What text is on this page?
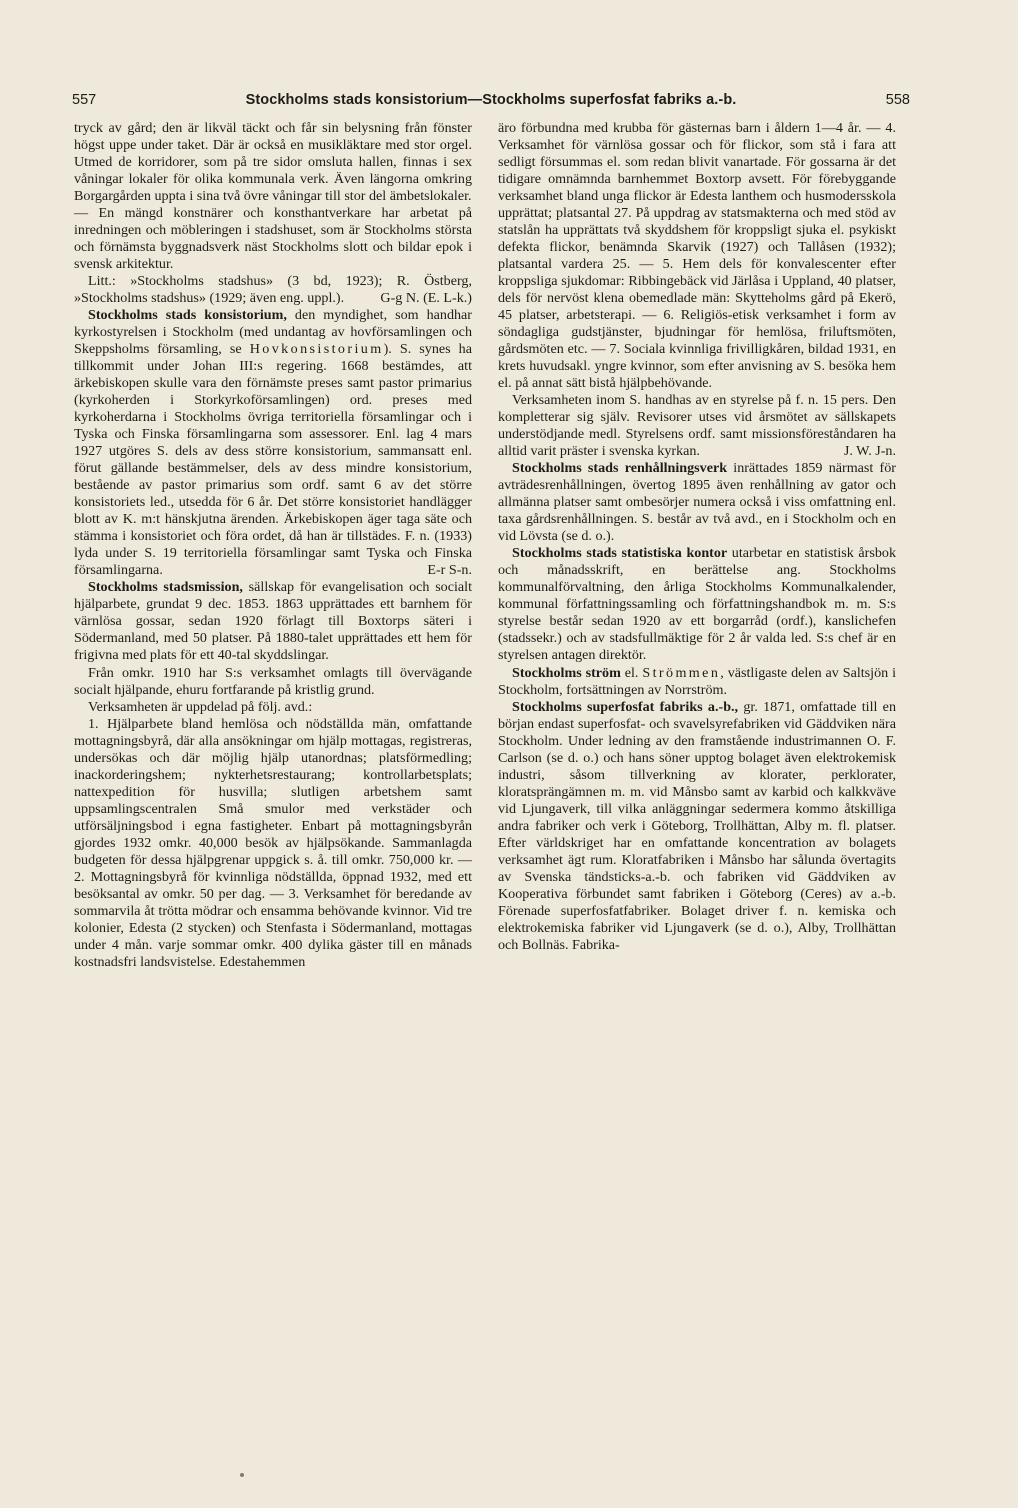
557	Stockholms stads konsistorium—Stockholms superfosfat fabriks a.-b.	558

tryck av gård; den är likväl täckt och får sin belysning från fönster högst uppe under taket. Där är också en musikläktare med stor orgel. Utmed de korridorer, som på tre sidor omsluta hallen, finnas i sex våningar lokaler för olika kommunala verk. Även längorna omkring Borgargården uppta i sina två övre våningar till stor del ämbetslokaler.

— En mängd konstnärer och konsthantverkare har arbetat på inredningen och möbleringen i stadshuset, som är Stockholms största och förnämsta byggnadsverk näst Stockholms slott och bildar epok i svensk arkitektur.

Litt.: »Stockholms stadshus» (3 bd, 1923); R. Östberg, »Stockholms stadshus» (1929; även eng. uppl.).	G-g N. (E. L-k.)

Stockholms stads konsistorium, den myndighet, som handhar kyrkostyrelsen i Stockholm (med undantag av hovförsamlingen och Skeppsholms församling, se Hovkonsistorium). S. synes ha tillkommit under Johan III:s regering. 1668 bestämdes, att ärkebiskopen skulle vara den förnämste preses samt pastor primarius (kyrkoherden i Storkyrkoförsamlingen) ord. preses med kyrkoherdarna i Stockholms övriga territoriella församlingar och i Tyska och Finska församlingarna som assessorer. Enl. lag 4 mars 1927 utgöres S. dels av dess större konsistorium, sammansatt enl. förut gällande bestämmelser, dels av dess mindre konsistorium, bestående av pastor primarius som ordf. samt 6 av det större konsistoriets led., utsedda för 6 år. Det större konsistoriet handlägger blott av K. m:t hänskjutna ärenden. Ärkebiskopen äger taga säte och stämma i konsistoriet och föra ordet, då han är tillstädes. F. n. (1933) lyda under S. 19 territoriella församlingar samt Tyska och Finska församlingarna.	E-r S-n.

Stockholms stadsmission, sällskap för evangelisation och socialt hjälparbete, grundat 9 dec. 1853. 1863 upprättades ett barnhem för värnlösa gossar, sedan 1920 förlagt till Boxtorps säteri i Södermanland, med 50 platser. På 1880-talet upprättades ett hem för frigivna med plats för ett 40-tal skyddslingar.

Från omkr. 1910 har S:s verksamhet omlagts till övervägande socialt hjälpande, ehuru fortfarande på kristlig grund.

Verksamheten är uppdelad på följ. avd.:

1. Hjälparbete bland hemlösa och nödställda män, omfattande mottagningsbyrå, där alla ansökningar om hjälp mottagas, registreras, undersökas och där möjlig hjälp utanordnas; platsförmedling; inackorderingshem; nykterhetsrestaurang; kontrollarbetsplats; nattexpedition för husvilla; slutligen arbetshem samt uppsamlingscentralen Små smulor med verkstäder och utförsäljningsbod i egna fastigheter. Enbart på mottagningsbyrån gjordes 1932 omkr. 40,000 besök av hjälpsökande. Sammanlagda budgeten för dessa hjälpgrenar uppgick s. å. till omkr. 750,000 kr. — 2. Mottagningsbyrå för kvinnliga nödställda, öppnad 1932, med ett besöksantal av omkr. 50 per dag. — 3. Verksamhet för beredande av sommarvila åt trötta mödrar och ensamma behövande kvinnor. Vid tre kolonier, Edesta (2 stycken) och Stenfasta i Södermanland, mottagas under 4 mån. varje sommar omkr. 400 dylika gäster till en månads kostnadsfri landsvistelse. Edestahemmen

äro förbundna med krubba för gästernas barn i åldern 1—4 år. — 4. Verksamhet för värnlösa gossar och för flickor, som stå i fara att sedligt försummas el. som redan blivit vanartade. För gossarna är det tidigare omnämnda barnhemmet Boxtorp avsett. För förebyggande verksamhet bland unga flickor är Edesta lanthem och husmodersskola upprättat; platsantal 27. På uppdrag av statsmakterna och med stöd av statslån ha upprättats två skyddshem för kroppsligt sjuka el. psykiskt defekta flickor, benämnda Skarvik (1927) och Tallåsen (1932); platsantal vardera 25. — 5. Hem dels för konvalescenter efter kroppsliga sjukdomar: Ribbingebäck vid Järlåsa i Uppland, 40 platser, dels för nervöst klena obemedlade män: Skytteholms gård på Ekerö, 45 platser, arbetsterapi. — 6. Religiös-etisk verksamhet i form av söndagliga gudstjänster, bjudningar för hemlösa, friluftsmöten, gårdsmöten etc. — 7. Sociala kvinnliga frivilligkåren, bildad 1931, en krets huvudsakl. yngre kvinnor, som efter anvisning av S. besöka hem el. på annat sätt bistå hjälpbehövande.

Verksamheten inom S. handhas av en styrelse på f. n. 15 pers. Den kompletterar sig själv. Revisorer utses vid årsmötet av sällskapets understödjande medl. Styrelsens ordf. samt missionsföreståndaren ha alltid varit präster i svenska kyrkan.	J. W. J-n.

Stockholms stads renhållningsverk inrättades 1859 närmast för avträdesrenhållningen, övertog 1895 även renhållning av gator och allmänna platser samt ombesörjer numera också i viss omfattning enl. taxa gårdsrenhållningen. S. består av två avd., en i Stockholm och en vid Lövsta (se d. o.).

Stockholms stads statistiska kontor utarbetar en statistisk årsbok och månadsskrift, en berättelse ang. Stockholms kommunalförvaltning, den årliga Stockholms Kommunalkalender, kommunal författningssamling och författningshandbok m. m. S:s styrelse består sedan 1920 av ett borgarråd (ordf.), kanslichefen (stadssekr.) och av stadsfullmäktige för 2 år valda led. S:s chef är en styrelsen antagen direktör.

Stockholms ström el. Strömmen, västligaste delen av Saltsjön i Stockholm, fortsättningen av Norrström.

Stockholms superfosfat fabriks a.-b., gr. 1871, omfattade till en början endast superfosfat- och svavelsyrefabriken vid Gäddviken nära Stockholm. Under ledning av den framstående industrimannen O. F. Carlson (se d. o.) och hans söner upptog bolaget även elektrokemisk industri, såsom tillverkning av klorater, perklorater, kloratsprängämnen m. m. vid Månsbo samt av karbid och kalkkväve vid Ljungaverk, till vilka anläggningar sedermera kommo åtskilliga andra fabriker och verk i Göteborg, Trollhättan, Alby m. fl. platser. Efter världskriget har en omfattande koncentration av bolagets verksamhet ägt rum. Kloratfabriken i Månsbo har sålunda övertagits av Svenska tändsticks-a.-b. och fabriken vid Gäddviken av Kooperativa förbundet samt fabriken i Göteborg (Ceres) av a.-b. Förenade superfosfatfabriker. Bolaget driver f. n. kemiska och elektrokemiska fabriker vid Ljungaverk (se d. o.), Alby, Trollhättan och Bollnäs. Fabrika-
